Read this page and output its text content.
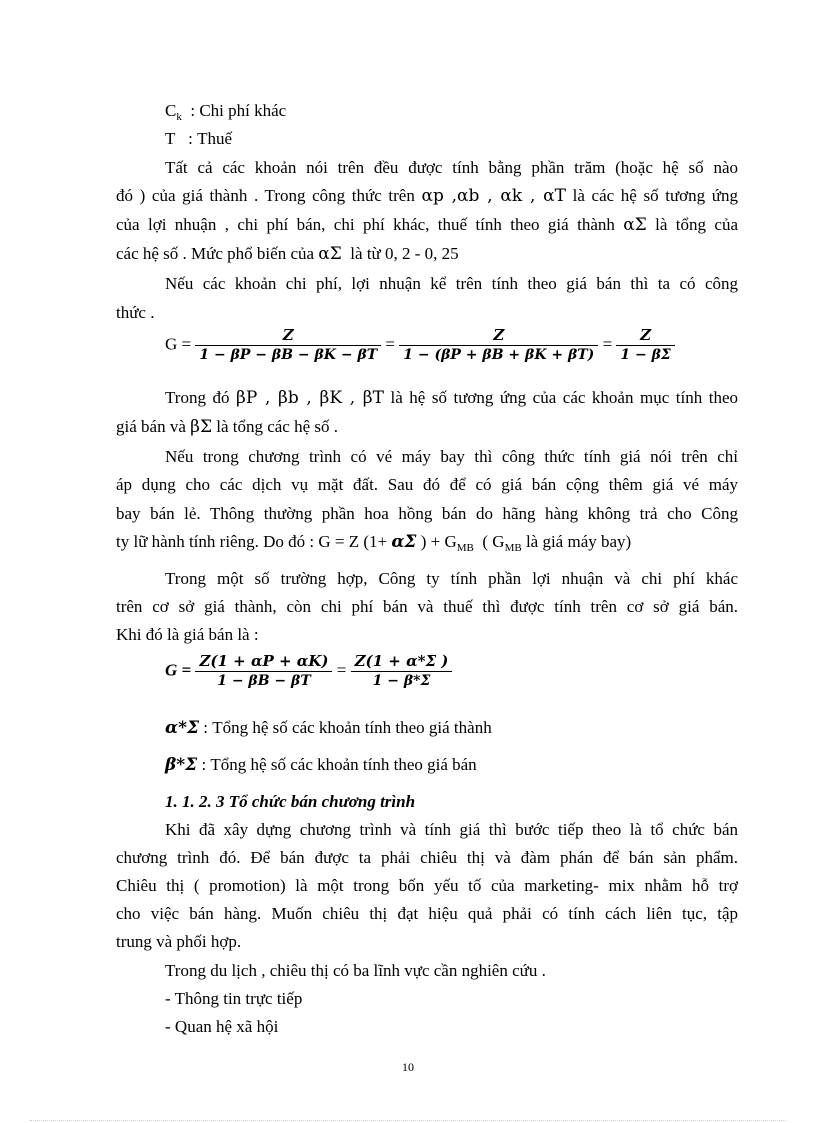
$C_k$  : Chi phí khác
T   : Thuế
Tất cả các khoản nói trên đều được tính bằng phần trăm (hoặc hệ số nào
đó ) của giá thành . Trong công thức trên αp ,αb , αk , αT là các hệ số tương ứng
của lợi nhuận , chi phí bán, chi phí khác, thuế tính theo giá thành αΣ là tổng của
các hệ số . Mức phổ biến của αΣ là từ 0, 2 - 0, 25
Nếu các khoản chi phí, lợi nhuận kể trên tính theo giá bán thì ta có công
thức .
$G = \frac{Z}{1 - \beta P - \beta B - \beta K - \beta T} = \frac{Z}{1 - (\beta P + \beta B + \beta K + \beta T)} = \frac{Z}{1 - \beta\Sigma}$
Trong đó βP , βb , βK , βT là hệ số tương ứng của các khoản mục tính theo
giá bán và βΣ là tổng các hệ số .
Nếu trong chương trình có vé máy bay thì công thức tính giá nói trên chỉ
áp dụng cho các dịch vụ mặt đất. Sau đó để có giá bán cộng thêm giá vé máy
bay bán lẻ. Thông thường phần hoa hồng bán do hãng hàng không trả cho Công
ty lữ hành tính riêng. Do đó : G = Z (1+ αΣ ) + $G_{MB}$ ( $G_{MB}$ là giá máy bay)
Trong một số trường hợp, Công ty tính phần lợi nhuận và chi phí khác
trên cơ sở giá thành, còn chi phí bán và thuế thì được tính trên cơ sở giá bán.
Khi đó là giá bán là :
$G = \frac{Z(1 + \alpha P + \alpha K)}{1 - \beta B - \beta T} = \frac{Z(1 + \alpha*\Sigma )}{1 - \beta*\Sigma}$
α*Σ : Tổng hệ số các khoản tính theo giá thành
β*Σ : Tổng hệ số các khoản tính theo giá bán
1. 1. 2. 3 Tổ chức bán chương trình
Khi đã xây dựng chương trình và tính giá thì bước tiếp theo là tổ chức bán
chương trình đó. Để bán được ta phải chiêu thị và đàm phán để bán sản phẩm.
Chiêu thị ( promotion) là một trong bốn yếu tố của marketing- mix nhằm hỗ trợ
cho việc bán hàng. Muốn chiêu thị đạt hiệu quả phải có tính cách liên tục, tập
trung và phối hợp.
Trong du lịch , chiêu thị có ba lĩnh vực cần nghiên cứu .
- Thông tin trực tiếp
- Quan hệ xã hội
10
